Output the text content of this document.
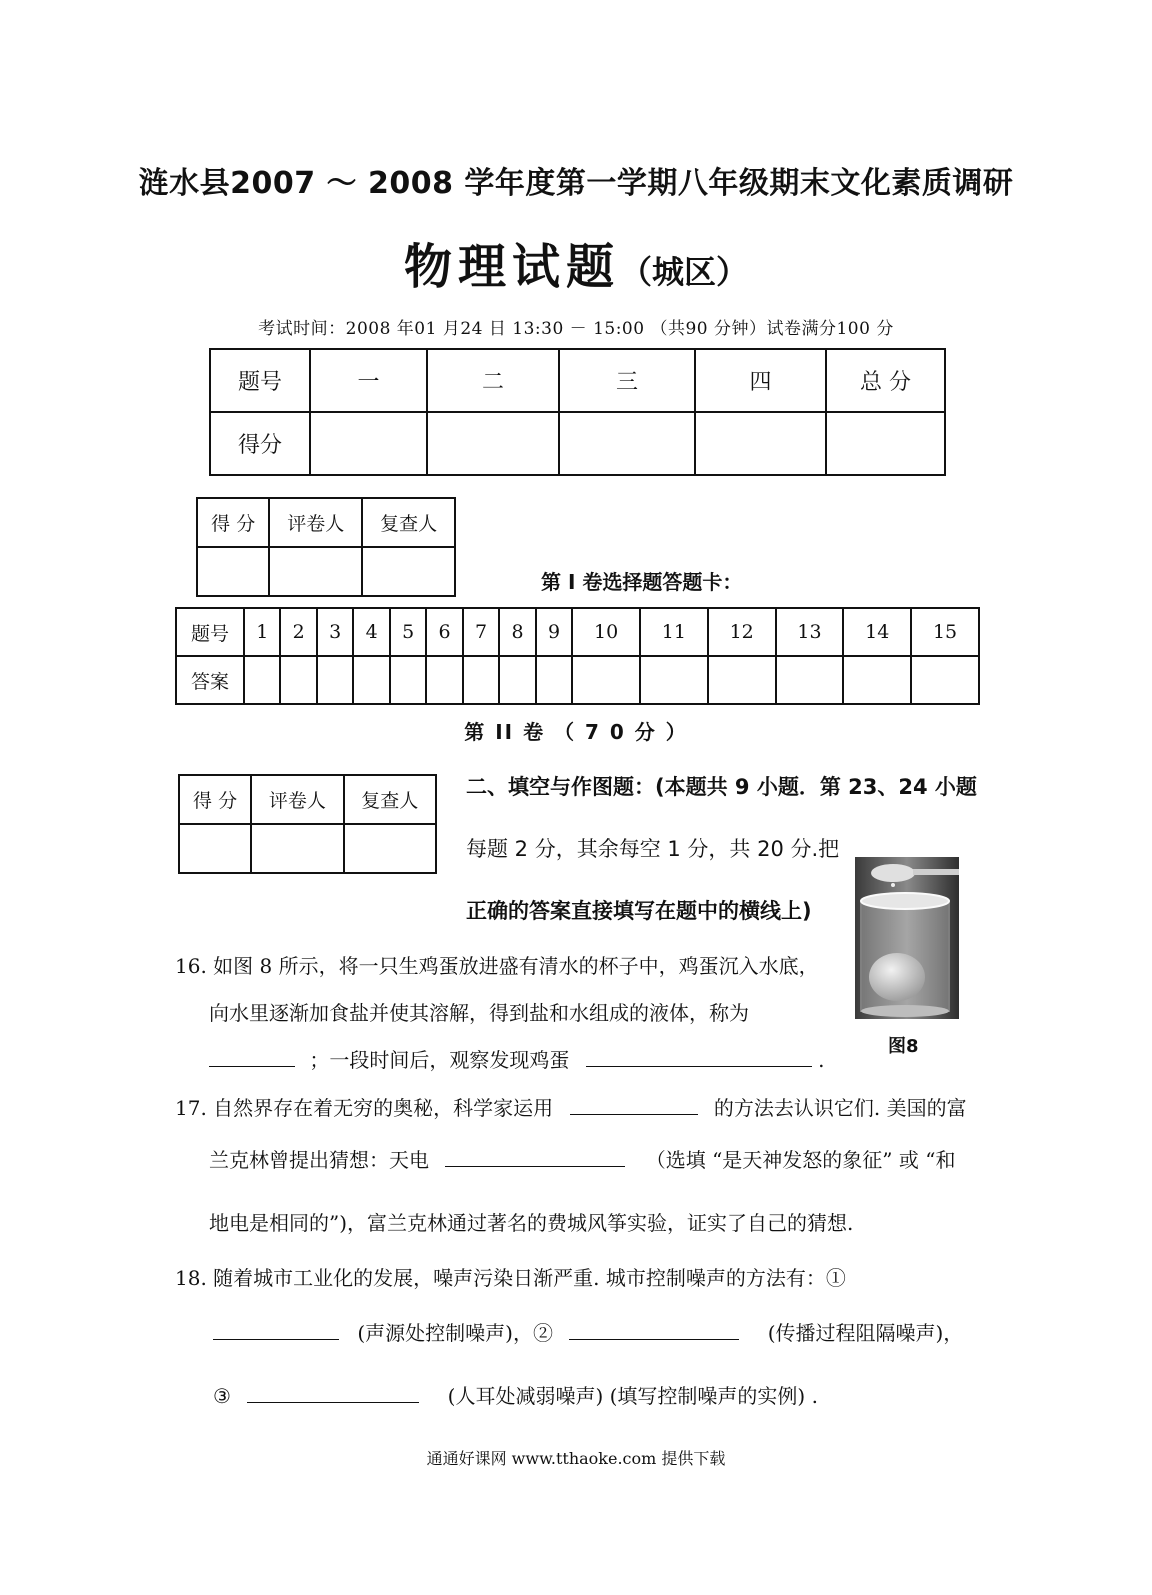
涟水县2007 ～ 2008 学年度第一学期八年级期末文化素质调研
物理试题（城区）
考试时间：2008 年01 月24 日 13:30 － 15:00 （共90 分钟）试卷满分100 分
题号	一	二	三	四	总 分
得分					
得 分	评卷人	复查人

第 I 卷选择题答题卡：
题号	1	2	3	4	5	6	7	8	9	10	11	12	13	14	15
答案															
第 II 卷 （ 7 0 分 ）
得 分	评卷人	复查人

二、填空与作图题：(本题共 9 小题．第 23、24 小题
每题 2 分，其余每空 1 分，共 20 分.把
正确的答案直接填写在题中的横线上)
图8
16. 如图 8 所示，将一只生鸡蛋放进盛有清水的杯子中，鸡蛋沉入水底，
向水里逐渐加食盐并使其溶解，得到盐和水组成的液体，称为
；一段时间后，观察发现鸡蛋	.
17. 自然界存在着无穷的奥秘，科学家运用	的方法去认识它们. 美国的富
兰克林曾提出猜想：天电	（选填 “是天神发怒的象征” 或 “和
地电是相同的”)，富兰克林通过著名的费城风筝实验，证实了自己的猜想.
18. 随着城市工业化的发展，噪声污染日渐严重. 城市控制噪声的方法有：①
(声源处控制噪声)，②	(传播过程阻隔噪声)，
③	(人耳处减弱噪声) (填写控制噪声的实例) .
通通好课网 www.tthaoke.com 提供下载
